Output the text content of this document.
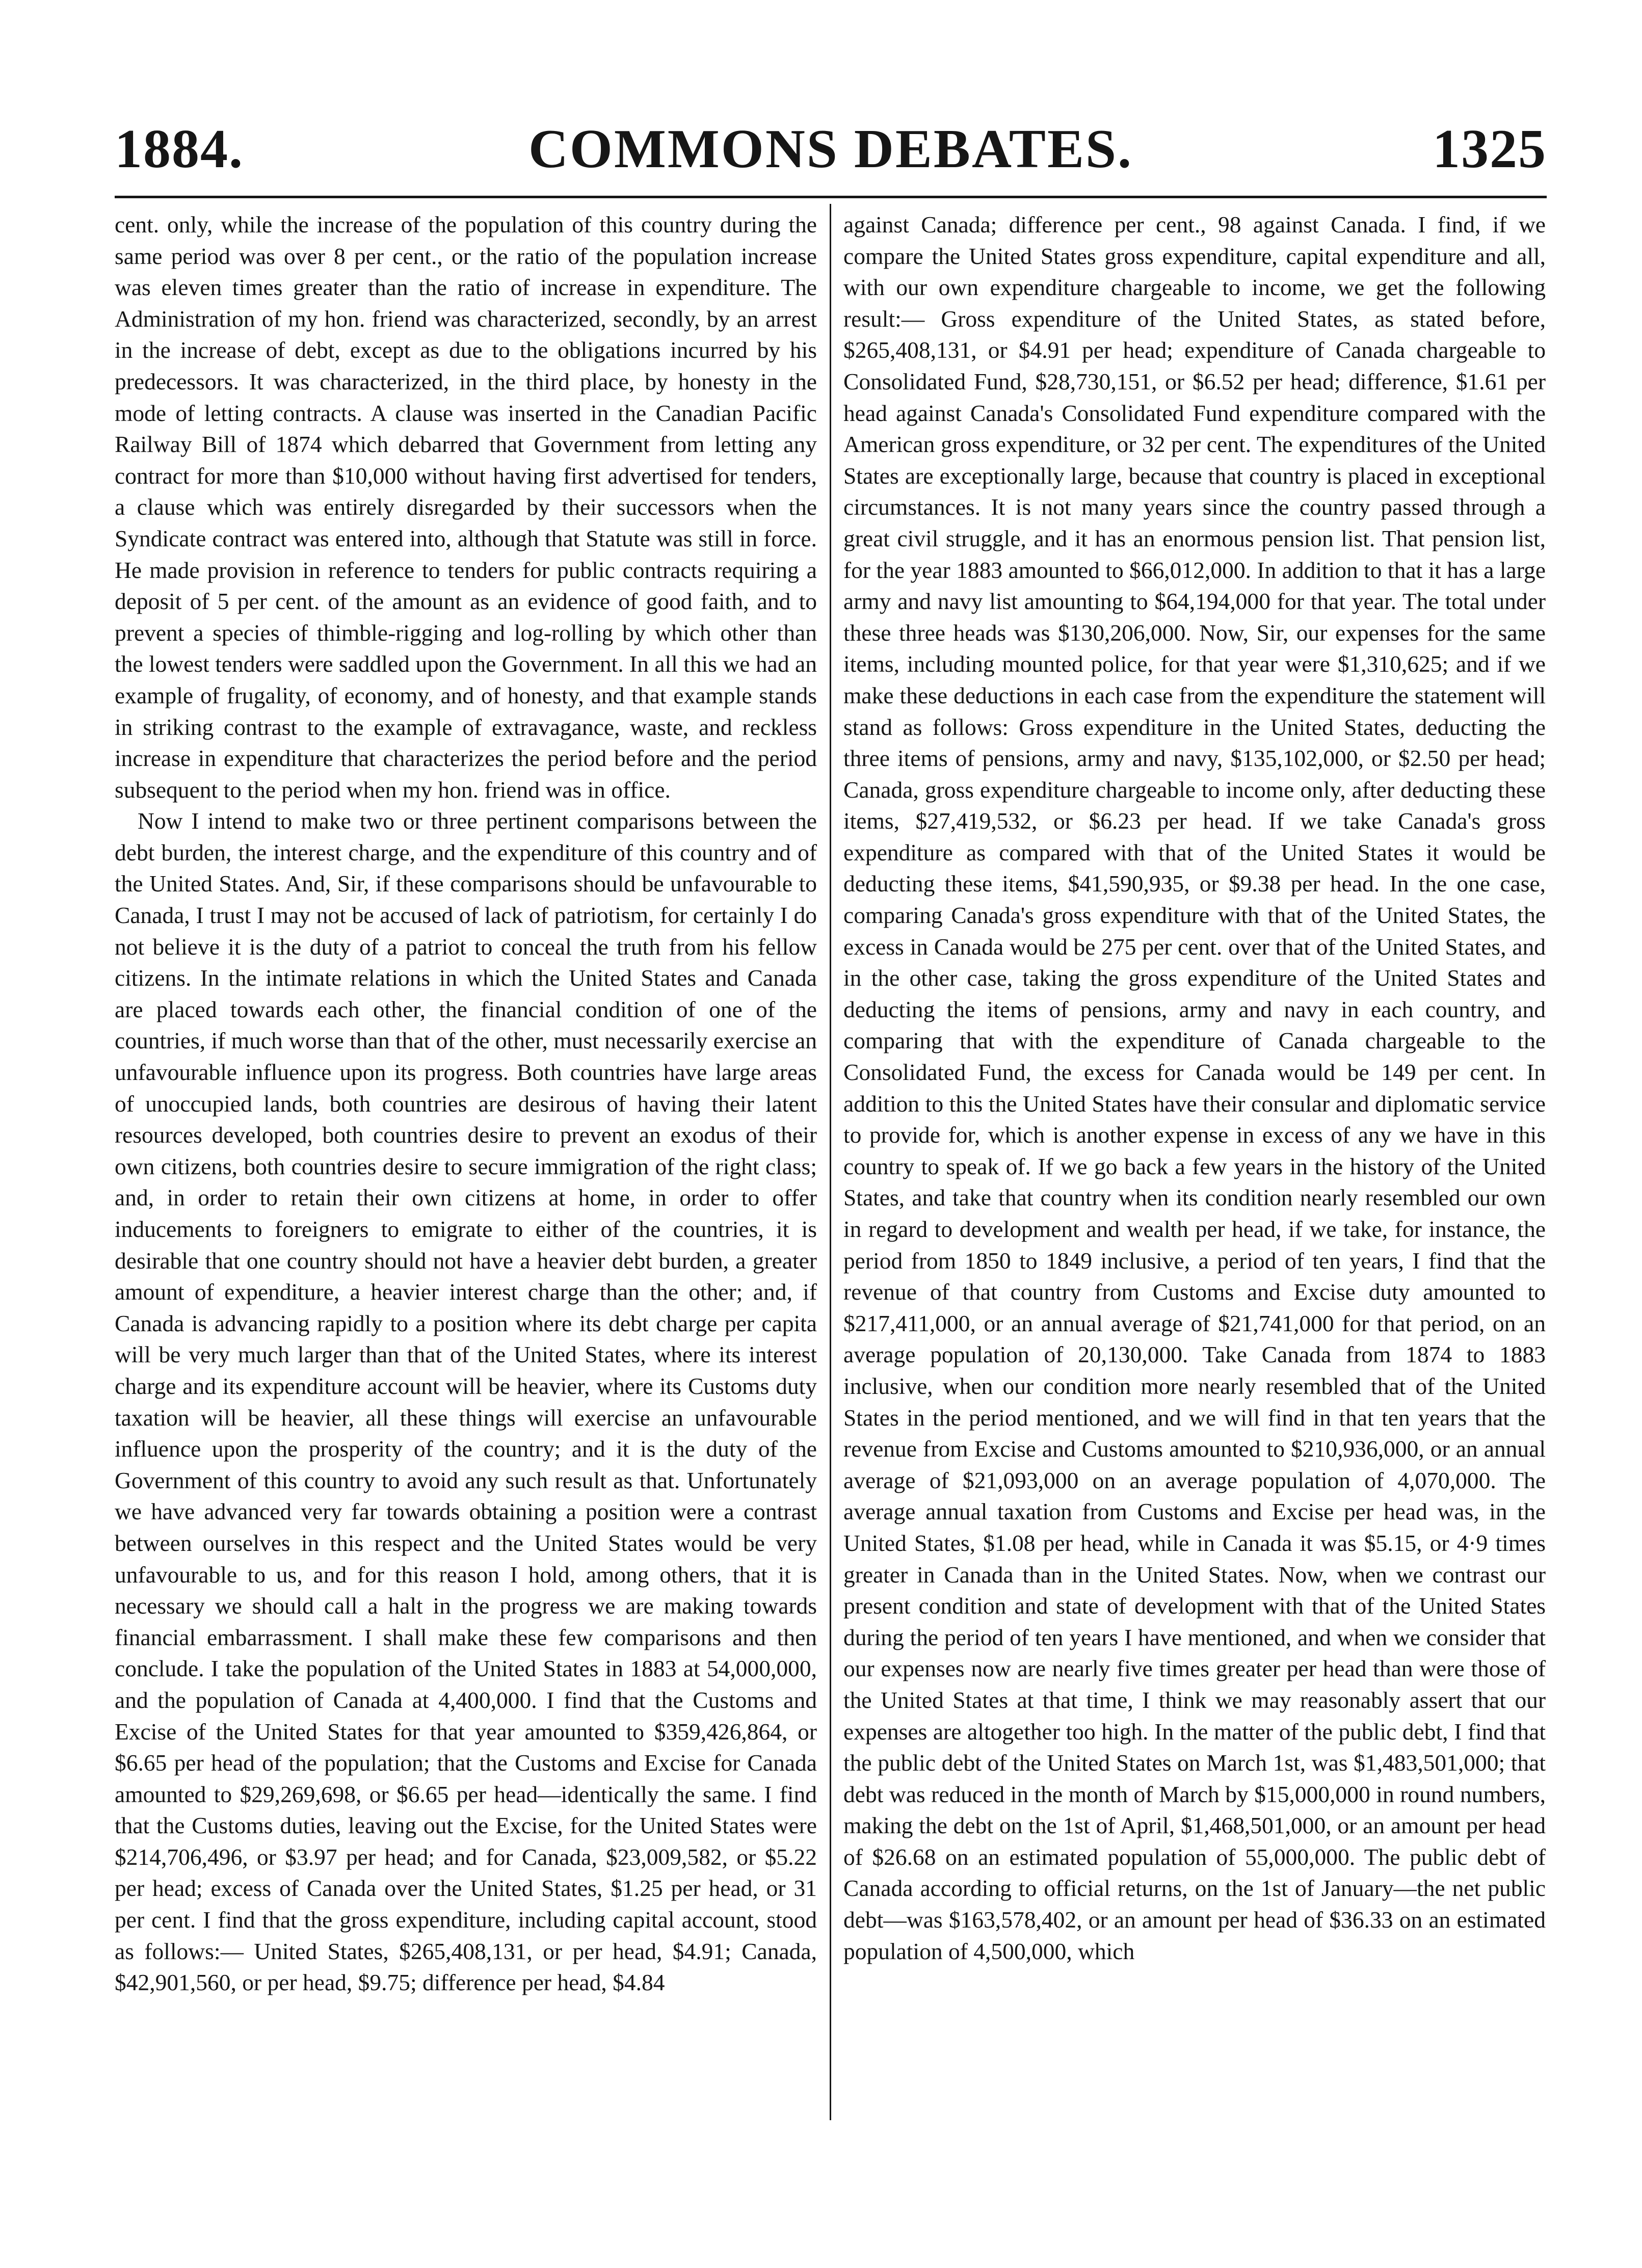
COMMONS DEBATES.
1884.	1325

cent. only, while the increase of the population of this country during the same period was over 8 per cent., or the ratio of the population increase was eleven times greater than the ratio of increase in expenditure. The Administration of my hon. friend was characterized, secondly, by an arrest in the increase of debt, except as due to the obligations incurred by his predecessors. It was characterized, in the third place, by honesty in the mode of letting contracts. A clause was inserted in the Canadian Pacific Railway Bill of 1874 which debarred that Government from letting any contract for more than $10,000 without having first advertised for tenders, a clause which was entirely disregarded by their successors when the Syndicate contract was entered into, although that Statute was still in force. He made provision in reference to tenders for public contracts requiring a deposit of 5 per cent. of the amount as an evidence of good faith, and to prevent a species of thimble-rigging and log-rolling by which other than the lowest tenders were saddled upon the Government. In all this we had an example of frugality, of economy, and of honesty, and that example stands in striking contrast to the example of extravagance, waste, and reckless increase in expenditure that characterizes the period before and the period subsequent to the period when my hon. friend was in office.

Now I intend to make two or three pertinent comparisons between the debt burden, the interest charge, and the expenditure of this country and of the United States. And, Sir, if these comparisons should be unfavourable to Canada, I trust I may not be accused of lack of patriotism, for certainly I do not believe it is the duty of a patriot to conceal the truth from his fellow citizens. In the intimate relations in which the United States and Canada are placed towards each other, the financial condition of one of the countries, if much worse than that of the other, must necessarily exercise an unfavourable influence upon its progress. Both countries have large areas of unoccupied lands, both countries are desirous of having their latent resources developed, both countries desire to prevent an exodus of their own citizens, both countries desire to secure immigration of the right class; and, in order to retain their own citizens at home, in order to offer inducements to foreigners to emigrate to either of the countries, it is desirable that one country should not have a heavier debt burden, a greater amount of expenditure, a heavier interest charge than the other; and, if Canada is advancing rapidly to a position where its debt charge per capita will be very much larger than that of the United States, where its interest charge and its expenditure account will be heavier, where its Customs duty taxation will be heavier, all these things will exercise an unfavourable influence upon the prosperity of the country; and it is the duty of the Government of this country to avoid any such result as that. Unfortunately we have advanced very far towards obtaining a position were a contrast between ourselves in this respect and the United States would be very unfavourable to us, and for this reason I hold, among others, that it is necessary we should call a halt in the progress we are making towards financial embarrassment. I shall make these few comparisons and then conclude. I take the population of the United States in 1883 at 54,000,000, and the population of Canada at 4,400,000. I find that the Customs and Excise of the United States for that year amounted to $359,426,864, or $6.65 per head of the population; that the Customs and Excise for Canada amounted to $29,269,698, or $6.65 per head—identically the same. I find that the Customs duties, leaving out the Excise, for the United States were $214,706,496, or $3.97 per head; and for Canada, $23,009,582, or $5.22 per head; excess of Canada over the United States, $1.25 per head, or 31 per cent. I find that the gross expenditure, including capital account, stood as follows:— United States, $265,408,131, or per head, $4.91; Canada, $42,901,560, or per head, $9.75; difference per head, $4.84

against Canada; difference per cent., 98 against Canada. I find, if we compare the United States gross expenditure, capital expenditure and all, with our own expenditure chargeable to income, we get the following result:— Gross expenditure of the United States, as stated before, $265,408,131, or $4.91 per head; expenditure of Canada chargeable to Consolidated Fund, $28,730,151, or $6.52 per head; difference, $1.61 per head against Canada's Consolidated Fund expenditure compared with the American gross expenditure, or 32 per cent. The expenditures of the United States are exceptionally large, because that country is placed in exceptional circumstances. It is not many years since the country passed through a great civil struggle, and it has an enormous pension list. That pension list, for the year 1883 amounted to $66,012,000. In addition to that it has a large army and navy list amounting to $64,194,000 for that year. The total under these three heads was $130,206,000. Now, Sir, our expenses for the same items, including mounted police, for that year were $1,310,625; and if we make these deductions in each case from the expenditure the statement will stand as follows: Gross expenditure in the United States, deducting the three items of pensions, army and navy, $135,102,000, or $2.50 per head; Canada, gross expenditure chargeable to income only, after deducting these items, $27,419,532, or $6.23 per head. If we take Canada's gross expenditure as compared with that of the United States it would be deducting these items, $41,590,935, or $9.38 per head. In the one case, comparing Canada's gross expenditure with that of the United States, the excess in Canada would be 275 per cent. over that of the United States, and in the other case, taking the gross expenditure of the United States and deducting the items of pensions, army and navy in each country, and comparing that with the expenditure of Canada chargeable to the Consolidated Fund, the excess for Canada would be 149 per cent. In addition to this the United States have their consular and diplomatic service to provide for, which is another expense in excess of any we have in this country to speak of. If we go back a few years in the history of the United States, and take that country when its condition nearly resembled our own in regard to development and wealth per head, if we take, for instance, the period from 1850 to 1849 inclusive, a period of ten years, I find that the revenue of that country from Customs and Excise duty amounted to $217,411,000, or an annual average of $21,741,000 for that period, on an average population of 20,130,000. Take Canada from 1874 to 1883 inclusive, when our condition more nearly resembled that of the United States in the period mentioned, and we will find in that ten years that the revenue from Excise and Customs amounted to $210,936,000, or an annual average of $21,093,000 on an average population of 4,070,000. The average annual taxation from Customs and Excise per head was, in the United States, $1.08 per head, while in Canada it was $5.15, or 4·9 times greater in Canada than in the United States. Now, when we contrast our present condition and state of development with that of the United States during the period of ten years I have mentioned, and when we consider that our expenses now are nearly five times greater per head than were those of the United States at that time, I think we may reasonably assert that our expenses are altogether too high. In the matter of the public debt, I find that the public debt of the United States on March 1st, was $1,483,501,000; that debt was reduced in the month of March by $15,000,000 in round numbers, making the debt on the 1st of April, $1,468,501,000, or an amount per head of $26.68 on an estimated population of 55,000,000. The public debt of Canada according to official returns, on the 1st of January—the net public debt—was $163,578,402, or an amount per head of $36.33 on an estimated population of 4,500,000, which
